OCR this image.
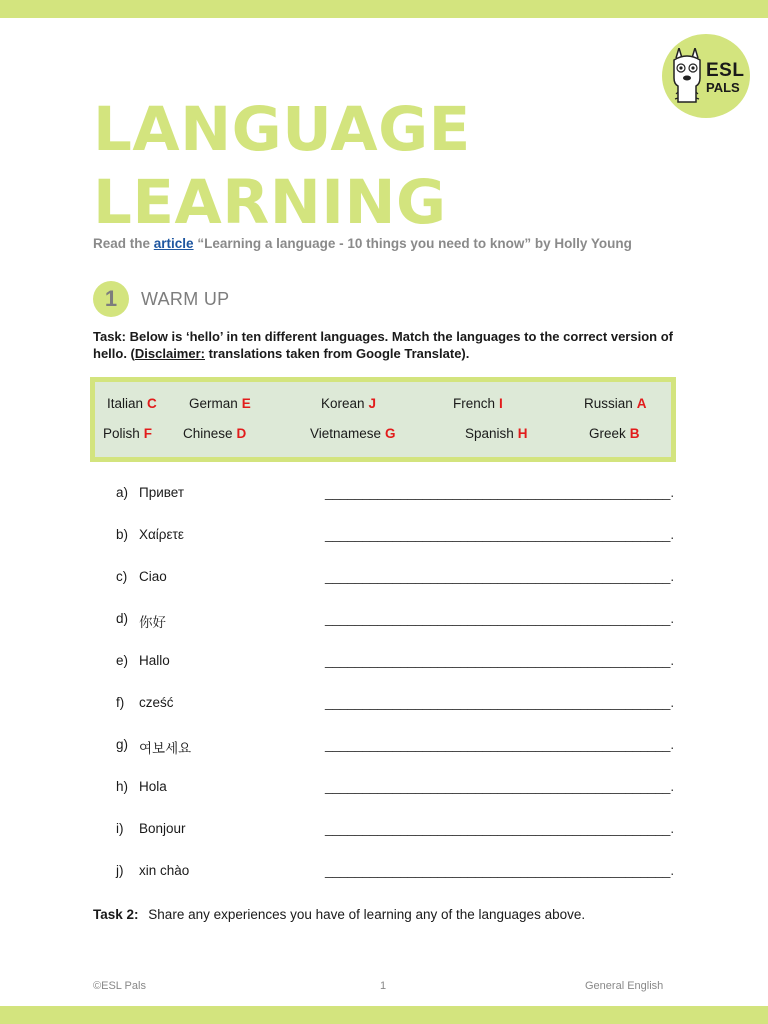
ESL
PALS
LANGUAGE
LEARNING
Read the article “Learning a language - 10 things you need to know” by Holly Young
1	WARM UP
Task: Below is ‘hello’ in ten different languages. Match the languages to the correct version of hello. (Disclaimer: translations taken from Google Translate).
Italian C German E	Korean J	French I	Russian A
Polish F Chinese D	Vietnamese G	Spanish H	Greek B
a) Привет	______________________________________________.
b) Χαίρετε	______________________________________________.
c) Ciao	______________________________________________.
d) 你好	______________________________________________.
e) Hallo	______________________________________________.
f)	cześć	______________________________________________.
g) 여보세요	______________________________________________.
h) Hola	______________________________________________.
i)	Bonjour	______________________________________________.
j)	xin chào	______________________________________________.
Task 2: Share any experiences you have of learning any of the languages above.
©ESL Pals	1	General English
